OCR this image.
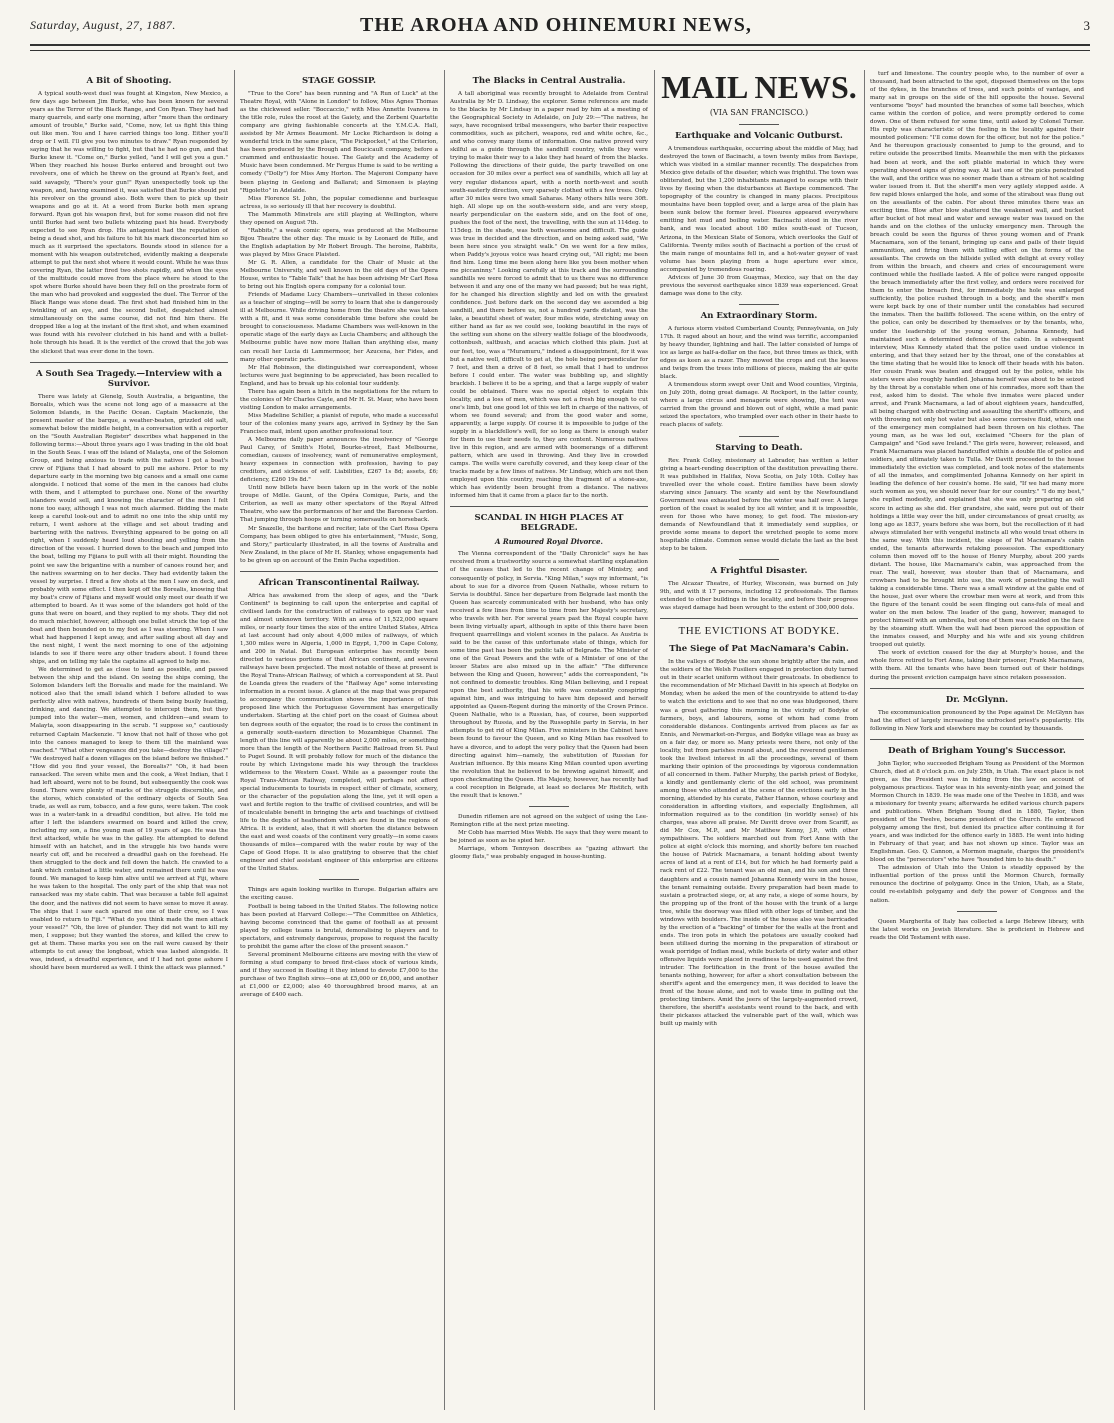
Saturday, August, 27, 1887.	THE AROHA AND OHINEMURI NEWS,	3
A Bit of Shooting.

A typical south-west duel was fought at Kingston, New Mexico, a few days ago between Jim Burke, who has been known for several years as the Terror of the Black Range, and Con Ryan. They had had many quarrels, and early one morning, after "more than the ordinary amount of trouble," Burke said, "Come, now, let us fight this thing out like men. You and I have carried things too long. Either you'll drop or I will. I'll give you two minutes to draw." Ryan responded by saying that he was willing to fight, but that he had no gun, and that Burke knew it. "Come on," Burke yelled, "and I will get you a gun." When they reached his house Burke entered and brought out two revolvers, one of which he threw on the ground at Ryan's feet, and said savagely, "There's your gun!" Ryan unexpectedly took up the weapon, and, having examined it, was satisfied that Burke should put his revolver on the ground also. Both were then to pick up their weapons and go at it. At a word from Burke both men sprang forward. Ryan got his weapon first, but for some reason did not fire until Burke had sent two bullets whizzing past his head. Everybody expected to see Ryan drop. His antagonist had the reputation of being a dead shot, and his failure to hit his mark disconcerted him so much as it surprised the spectators. Bounds stood in silence for a moment with his weapon outstretched, evidently making a desperate attempt to put the next shot where it would count. While he was thus covering Ryan, the latter fired two shots rapidly, and when the eyes of the multitude could move from the place where he stood to the spot where Burke should have been they fell on the prostrate form of the man who had provoked and suggested the duel. The Terror of the Black Range was stone dead. The first shot had finished him in the twinkling of an eye, and the second bullet, despatched almost simultaneously on the same course, did not find him there. He dropped like a log at the instant of the first shot, and when examined was found with his revolver clutched in his hand and with a bullet-hole through his head. It is the verdict of the crowd that the job was the slickest that was ever done in the town.

A South Sea Tragedy.—Interview with a Survivor.

There was lately at Glenelg, South Australia, a brigantine, the Borealis, which was the scene not long ago of a massacre at the Solomon Islands, in the Pacific Ocean. Captain Mackenzie, the present master of the barque, a weather-beaten, grizzled old salt, somewhat below the middle height, in a conversation with a reporter on the "South Australian Register" describes what happened in the following terms:—About three years ago I was trading in the old boat in the South Seas. I was off the island of Malayta, one of the Solomon Group, and being anxious to trade with the natives I got a boat's crew of Fijians that I had aboard to pull me ashore. Prior to my departure early in the morning two big canoes and a small one came alongside. I noticed that some of the men in the canoes had clubs with them, and I attempted to purchase one. None of the swarthy islanders would sell, and knowing the character of the men I felt none too easy, although I was not much alarmed. Bidding the mate keep a careful look-out and to admit no one into the ship until my return, I went ashore at the village and set about trading and bartering with the natives. Everything appeared to be going on all right, when I suddenly heard loud shouting and yelling from the direction of the vessel. I hurried down to the beach and jumped into the boat, telling my Fijians to pull with all their might. Rounding the point we saw the brigantine with a number of canoes round her, and the natives swarming on to her decks. They had evidently taken the vessel by surprise. I fired a few shots at the men I saw on deck, and probably with some effect. I then kept off the Borealis, knowing that my boat's crew of Fijians and myself would only meet our death if we attempted to board. As it was some of the islanders got hold of the guns that were on board, and they replied to my shots. They did not do much mischief, however, although one bullet struck the top of the boat and then bounded on to my foot as I was steering. When I saw what had happened I kept away, and after sailing about all day and the next night, I went the next morning to one of the adjoining islands to see if there were any other traders about. I found three ships, and on telling my tale the captains all agreed to help me.

We determined to get as close to land as possible, and passed between the ship and the island. On seeing the ships coming, the Solomon Islanders left the Borealis and made for the mainland. We noticed also that the small island which I before alluded to was perfectly alive with natives, hundreds of them being busily feasting, drinking, and dancing. We attempted to intercept them, but they jumped into the water—men, women, and children—and swam to Malayta, soon disappearing in the scrub. "I suppose so," cautiously returned Captain Mackenzie. "I know that not half of those who got into the canoes managed to keep to them till the mainland was reached." "What other vengeance did you take—destroy the village?" "We destroyed half a dozen villages on the island before we finished." "How did you find your vessel, the Borealis?" "Oh, it had been ransacked. The seven white men and the cook, a West Indian, that I had left aboard, were not to be found, but subsequently the cook was found. There were plenty of marks of the struggle discernible, and the stores, which consisted of the ordinary objects of South Sea trade, as well as rum, tobacco, and a few guns, were taken. The cook was in a water-tank in a dreadful condition, but alive. He told me after I left the islanders swarmed on board and killed the crew, including my son, a fine young man of 19 years of age. He was the first attacked, while he was in the galley. He attempted to defend himself with an hatchet, and in the struggle his two hands were nearly cut off, and he received a dreadful gash on the forehead. He then struggled to the deck and fell down the hatch. He crawled to a tank which contained a little water, and remained there until he was found. We managed to keep him alive until we arrived at Fiji, where he was taken to the hospital. The only part of the ship that was not ransacked was my state cabin. That was because a table fell against the door, and the natives did not seem to have sense to move it away. The ships that I saw each spared me one of their crew, so I was enabled to return to Fiji." "What do you think made the men attack your vessel?" "Oh, the love of plunder. They did not want to kill my men, I suppose; but they wanted the stores, and killed the crew to get at them. These marks you see on the rail were caused by their attempts to cut away the longboat, which was lashed alongside. It was, indeed, a dreadful experience, and if I had not gone ashore I should have been murdered as well. I think the attack was planned."

STAGE GOSSIP.

"True to the Core" has been running and "A Run of Luck" at the Theatre Royal, with "Alone in London" to follow, Miss Agnes Thomas as the chickweed seller. "Boccaccio," with Miss Annette Ivanova in the title role, rules the roost at the Gaiety, and the Zerbeni Quartette company are giving fashionable concerts at the Y.M.C.A. Hall, assisted by Mr Armes Beaumont. Mr Locke Richardson is doing a wonderful trick in the same place, "The Pickpocket," at the Criterion, has been produced by the Brough and Boucicault company, before a crammed and enthusiastic house. The Gaiety and the Academy of Music have been condemned. Mr Fergus Hume is said to be writing a comedy ("Dolly") for Miss Amy Horton. The Majeroni Company have been playing in Geelong and Ballarat; and Simonsen is playing "Rigoletto" in Adelaide.

Miss Florence St. John, the popular comedienne and burlesque actress, is so seriously ill that her recovery is doubtful.

The Mammoth Minstrels are still playing at Wellington, where they opened on August 7th.

"Rabbits," a weak comic opera, was produced at the Melbourne Bijou Theatre the other day. The music is by Leonard de Rille, and the English adaptation by Mr Robert Brough. The heroine, Rabbits, was played by Miss Grace Plaisted.

Mr G. R. Allen, a candidate for the Chair of Music at the Melbourne University, and well known in the old days of the Opera House, writes to "Table Talk" that he has been advising Mr Carl Rosa to bring out his English opera company for a colonial tour.

Friends of Madame Lucy Chambers—unrivalled in these colonies as a teacher of singing—will be sorry to learn that she is dangerously ill at Melbourne. While driving home from the theatre she was taken with a fit, and it was some considerable time before she could be brought to consciousness. Madame Chambers was well-known in the operatic stage of the early days as Lucia Chambers; and although the Melbourne public have now more Italian than anything else, many can recall her Lucia di Lammermoor, her Azucena, her Fides, and many other operatic parts.

Mr Hal Robinson, the distinguished war correspondent, whose lectures were just beginning to be appreciated, has been recalled to England, and has to break up his colonial tour suddenly.

There has again been a hitch in the negotiations for the return to the colonies of Mr Charles Cayle, and Mr H. St. Maur, who have been visiting London to make arrangements.

Miss Madeline Schiller, a pianist of repute, who made a successful tour of the colonies many years ago, arrived in Sydney by the San Francisco mail, intent upon another professional tour.

A Melbourne daily paper announces the insolvency of "George Paul Carey, of Smith's Hotel, Bourke-street, East Melbourne, comedian, causes of insolvency, want of remunerative employment, heavy expenses in connection with profession, having to pay creditors, and sickness of self. Liabilities, £267 1s 8d; assets, £6; deficiency, £260 19s 8d."

Until now billets have been taken up in the work of the noble troupe of Mdlle. Gaunt, of the Opéra Comique, Paris, and the Criterion, as well as many other spectators of the Royal Alfred Theatre, who saw the performances of her and the Baroness Cardon. That jumping through hoops or turning somersaults on horseback.

Mr Snazelle, the baritone and reciter, late of the Carl Rosa Opera Company, has been obliged to give his entertainment, "Music, Song, and Story," particularly illustrated, in all the towns of Australia and New Zealand, in the place of Mr H. Stanley, whose engagements had to be given up on account of the Emin Pacha expedition.

African Transcontinental Railway.

Africa has awakened from the sleep of ages, and the "Dark Continent" is beginning to call upon the enterprise and capital of civilised lands for the construction of railways to open up her vast and almost unknown territory. With an area of 11,522,000 square miles, or nearly four times the size of the entire United States, Africa at last account had only about 4,000 miles of railways, of which 1,300 miles were in Algeria, 1,000 in Egypt, 1,700 in Cape Colony, and 200 in Natal. But European enterprise has recently been directed to various portions of that African continent, and several railways have been projected. The most notable of these at present is the Royal Trans-African Railway, of which a correspondent at St. Paul de Loanda gives the readers of the "Railway Age" some interesting information in a recent issue. A glance at the map that was prepared to accompany the communication shows the importance of this proposed line which the Portuguese Government has energetically undertaken. Starting at the chief port on the coast of Guinea about ten degrees south of the equator, the road is to cross the continent in a generally south-eastern direction to Mozambique Channel. The length of this line will apparently be about 2,000 miles, or something more than the length of the Northern Pacific Railroad from St. Paul to Puget Sound. It will probably follow for much of the distance the route by which Livingstone made his way through the trackless wilderness to the Western Coast. While as a passenger route the Royal Trans-African Railway, completed, will perhaps not afford special inducements to tourists in respect either of climate, scenery, or the character of the population along the line, yet it will open a vast and fertile region to the traffic of civilised countries, and will be of incalculable benefit in bringing the arts and teachings of civilised life to the depths of heathendom which are found in the regions of Africa. It is evident, also, that it will shorten the distance between the east and west coasts of the continent very greatly—in some cases thousands of miles—compared with the water route by way of the Cape of Good Hope. It is also gratifying to observe that the chief engineer and chief assistant engineer of this enterprise are citizens of the United States.

Things are again looking warlike in Europe. Bulgarian affairs are the exciting cause.

Football is being taboed in the United States. The following notice has been posted at Harvard College:—"The Committee on Athletics, having become convinced that the game of football as at present played by college teams is brutal, demoralising to players and to spectators, and extremely dangerous, propose to request the faculty to prohibit the game after the close of the present season."

Several prominent Melbourne citizens are moving with the view of forming a stud company to breed first-class stock of various kinds, and if they succeed in floating it they intend to devote £7,000 to the purchase of two English sires—one at £5,000 or £6,000, and another at £1,000 or £2,000; also 40 thoroughbred brood mares, at an average of £400 each.

The Blacks in Central Australia.

A tall aboriginal was recently brought to Adelaide from Central Australia by Mr D. Lindsay, the explorer. Some references are made to the blacks by Mr Lindsay in a paper read by him at a meeting of the Geographical Society in Adelaide, on July 29:—"The natives, he says, have recognised tribal messengers, who barter their respective commodities, such as pitcheri, weapons, red and white ochre, &c., and who convey many items of information. One native proved very skilful as a guide through the sandhill country, while they were trying to make their way to a lake they had heard of from the blacks. Following the directions of their guide, the party travelled on one occasion for 30 miles over a perfect sea of sandhills, which all lay at very regular distances apart, with a north north-west and south south-easterly direction, very sparsely clothed with a few trees. Only after 30 miles were two small Saharas. Many others hills were 30ft. high. All slope up on the south-western side, and are very steep, nearly perpendicular on the eastern side, and on the foot of one, pushes the foot of the next, the travelling, with the sun at 114deg. to 115deg. in the shade, was both wearisome and difficult. The guide was true in decided and the direction, and on being asked said, "We been here since you straight walk." On we went for a few miles, when Paddy's joyous voice was heard crying out, "All right; me been find him. Long time me been along here like you been mother when me piccaninny." Looking carefully at this track and the surrounding sandhills we were forced to admit that to us there was no difference between it and any one of the many we had passed; but he was right, for he changed his direction slightly and led on with the greatest confidence. Just before dark on the second day we ascended a big sandhill, and there before us, not a hundred yards distant, was the lake, a beautiful sheet of water, four miles wide, stretching away on either hand as far as we could see, looking beautiful in the rays of the setting sun shone on the silvery wattle foliage of the bloodwoods, cottonbush, saltbush, and acacias which clothed this plain. Just at our feet, too, was a "Muramuru," indeed a disappointment, for it was but a native well, difficult to get at, the hole being perpendicular for 7 feet, and then a drive of 8 feet, so small that I had to undress before I could enter. The water was bubbling up, and slightly brackish. I believe it to be a spring, and that a large supply of water could be obtained. There was no special object to explain this locality, and a loss of men, which was not a fresh big enough to cut one's limb, but one good lot of this we left in charge of the natives, of whom we found several; and from the good water and some, apparently, a large supply. Of course it is impossible to judge of the supply in a blackfellow's well, for so long as there is enough water for them to use their needs to, they are content. Numerous natives live in this region, and are armed with boomerangs of a different pattern, which are used in throwing. And they live in crowded camps. The wells were carefully covered, and they keep clear of the tracks made by a few lines of natives. Mr Lindsay, which are not then employed upon this country, reaching the fragment of a stone-axe, which has evidently been brought from a distance. The natives informed him that it came from a place far to the north.

SCANDAL IN HIGH PLACES AT BELGRADE.
A Rumoured Royal Divorce.

The Vienna correspondent of the "Daily Chronicle" says he has received from a trustworthy source a somewhat startling explanation of the causes that led to the recent change of Ministry, and consequently of policy, in Servia. "King Milan," says my informant, "is about to sue for a divorce from Queen Nathalie, whose return to Servia is doubtful. Since her departure from Belgrade last month the Queen has scarcely communicated with her husband, who has only received a few lines from time to time from her Majesty's secretary, who travels with her. For several years past the Royal couple have been living virtually apart, although in spite of this there have been frequent quarrellings and violent scenes in the palace. As Austria is said to be the cause of this unfortunate state of things, which for some time past has been the public talk of Belgrade. The Minister of one of the Great Powers and the wife of a Minister of one of the lesser States are also mixed up in the affair." "The difference between the King and Queen, however," adds the correspondent, "is not confined to domestic troubles. King Milan believing, and I repeat upon the best authority, that his wife was constantly conspiring against him, and was intriguing to have him deposed and herself appointed as Queen-Regent during the minority of the Crown Prince. Queen Nathalie, who is a Russian, has, of course, been supported throughout by Russia, and by the Russophile party in Servia, in her attempts to get rid of King Milan. Five ministers in the Cabinet have been found to favour the Queen, and so King Milan has resolved to have a divorce, and to adopt the very policy that the Queen had been directing against him—namely, the substitution of Russian for Austrian influence. By this means King Milan counted upon averting the revolution that he believed to be brewing against himself, and upon checkmating the Queen. His Majesty, however, has recently had a cool reception in Belgrade, at least so declares Mr Ristitch, with the result that is known."

Dunedin riflemen are not agreed on the subject of using the Lee-Remington rifle at the next prize meeting.

Mr Cobb has married Miss Webb. He says that they were meant to be joined as soon as he spied her.

Marriage, whom Tennyson describes as "gazing athwart the gloomy flats," was probably engaged in house-hunting.

MAIL NEWS.
(VIA SAN FRANCISCO.)
Earthquake and Volcanic Outburst.

A tremendous earthquake, occurring about the middle of May, had destroyed the town of Bacinachi, a town twenty miles from Bavispe, which was visited in a similar manner recently. The despatches from Mexico give details of the disaster, which was frightful. The town was obliterated, but the 1,200 inhabitants managed to escape with their lives by fleeing when the disturbances at Bavispe commenced. The topography of the country is changed in many places. Precipitous mountains have been toppled over, and a large area of the plain has been sunk below the former level. Fissures appeared everywhere emitting hot mud and boiling water. Bacinachi stood in the river bank, and was located about 180 miles south-east of Tucson, Arizona, in the Mexican State of Sonora, which overlooks the Gulf of California. Twenty miles south of Bacinachi a portion of the crust of the main range of mountains fell in, and a hot-water geyser of vast volume has been playing from a huge aperture ever since, accompanied by tremendous roaring.

Advices of June 30 from Guaymas, Mexico, say that on the day previous the severest earthquake since 1839 was experienced. Great damage was done to the city.

An Extraordinary Storm.

A furious storm visited Cumberland County, Pennsylvania, on July 17th. It raged about an hour, and the wind was terrific, accompanied by heavy thunder, lightning and hail. The latter consisted of lumps of ice as large as half-a-dollar on the face, but three times as thick, with edges as keen as a razor. They mowed the crops and cut the leaves and twigs from the trees into millions of pieces, making the air quite black.

A tremendous storm swept over Unit and Wood counties, Virginia, on July 20th, doing great damage. At Rockport, in the latter county, where a large circus and menagerie were showing, the tent was carried from the ground and blown out of sight, while a mad panic seized the spectators, who trampled over each other in their haste to reach places of safety.

Starving to Death.

Rev. Frank Colley, missionary at Labrador, has written a letter giving a heart-rending description of the destitution prevailing there. It was published in Halifax, Nova Scotia, on July 10th. Colley has travelled over the whole coast. Entire families have been slowly starving since January. The scanty aid sent by the Newfoundland Government was exhausted before the winter was half over. A large portion of the coast is sealed by ice all winter, and it is impossible, even for those who have money, to get food. The mission-ary demands of Newfoundland that it immediately send supplies, or provide some means to deport the wretched people to some more hospitable climate. Common sense would dictate the last as the best step to be taken.

A Frightful Disaster.

The Alcazar Theatre, of Hurley, Wisconsin, was burned on July 9th, and with it 17 persons, including 12 professionals. The flames extended to other buildings in the locality, and before their progress was stayed damage had been wrought to the extent of 300,000 dols.

THE EVICTIONS AT BODYKE.
The Siege of Pat MacNamara's Cabin.

In the valleys of Bodyke the sun shone brightly after the rain, and the soldiers of the Welsh Fusiliers engaged in protection duty turned out in their scarlet uniform without their greatcoats. In obedience to the recommendation of Mr Michael Davitt in his speech at Bodyke on Monday, when he asked the men of the countryside to attend to-day to watch the evictions and to see that no one was bludgeoned, there was a great gathering this morning in the vicinity of Bodyke of farmers, boys, and labourers, some of whom had come from considerable distances. Contingents arrived from places as far as Ennis, and Newmarket-on-Fergus, and Bodyke village was as busy as on a fair day, or more so. Many priests were there, not only of the locality, but from parishes round about, and the reverend gentlemen took the liveliest interest in all the proceedings, several of them marking their opinion of the proceedings by vigorous condemnation of all concerned in them. Father Murphy, the parish priest of Bodyke, a kindly and gentlemanly cleric of the old school, was prominent among those who attended at the scene of the evictions early in the morning, attended by his curate, Father Hannon, whose courtesy and consideration in affording visitors, and especially Englishmen, all information required as to the condition (in worldly sense) of his charges, was above all praise. Mr Davitt drove over from Scariff, as did Mr Cox, M.P., and Mr Matthew Kenny, J.P., with other sympathisers. The soldiers marched out from Fort Anne with the police at eight o'clock this morning, and shortly before ten reached the house of Patrick Macnamara, a tenant holding about twenty acres of land at a rent of £14, but for which he had formerly paid a rack rent of £22. The tenant was an old man, and his son and three daughters and a cousin named Johanna Kennedy were in the house, the tenant remaining outside. Every preparation had been made to sustain a protracted siege, or, at any rate, a siege of some hours, by the propping up of the front of the house with the trunk of a large tree, while the doorway was filled with other logs of timber, and the windows with boulders. The inside of the house also was barricaded by the erection of a "backing" of timber for the walls at the front and ends. The iron pots in which the potatoes are usually cooked had been utilised during the morning in the preparation of stirabout or weak porridge of Indian meal, while buckets of dirty water and other offensive liquids were placed in readiness to be used against the first intruder. The fortification in the front of the house availed the tenants nothing, however, for after a short consultation between the sheriff's agent and the emergency men, it was decided to leave the front of the house alone, and not to waste time in pulling out the protecting timbers. Amid the jeers of the largely-augmented crowd, therefore, the sheriff's assistants went round to the back, and with their pickaxes attacked the vulnerable part of the wall, which was built up mainly with

turf and limestone. The country people who, to the number of over a thousand, had been attracted to the spot, disposed themselves on the tops of the dykes, in the branches of trees, and such points of vantage, and many sat in groups on the side of the hill opposite the house. Several ventursome "boys" had mounted the branches of some tall beeches, which came within the cordon of police, and were promptly ordered to come down. One of them refused for some time, until asked by Colonel Turner. His reply was characteristic of the feeling in the locality against their mounted policemen: "I'll come down for the officer, but not for the police." And he thereupon graciously consented to jump to the ground, and to retire outside the proscribed limits. Meanwhile the men with the pickaxes had been at work, and the soft pliable material in which they were operating showed signs of giving way. At last one of the picks penetrated the wall, and the orifice was no sooner made than a stream of hot scalding water issued from it. But the sheriff's men very agilely stepped aside. A few rapid blows enlarged the hole, and some of the stirabout was flung out on the assailants of the cabin. For about three minutes there was an exciting time. Blow after blow shattered the weakened wall, and bucket after bucket of hot meal and water and sewage water was issued on the hands and on the clothes of the unlucky emergency men. Through the breach could be seen the figures of three young women and of Frank Macnamara, son of the tenant, bringing up cans and pails of their liquid ammunition, and firing them with telling effect on the forms of the assailants. The crowds on the hillside yelled with delight at every volley from within the breach, and cheers and cries of encouragement were continued while the fusillade lasted. A file of police were ranged opposite the breach immediately after the first volley, and orders were received for them to enter the breach first, for immediately the hole was enlarged sufficiently, the police rushed through in a body, and the sheriff's men were kept back by one of their number until the constables had secured the inmates. Then the bailiffs followed. The scene within, on the entry of the police, can only be described by themselves or by the tenants, who, under the leadership of the young woman, Johanna Kennedy, had maintained such a determined defence of the cabin. In a subsequent interview, Miss Kennedy stated that the police used undue violence in entering, and that they seized her by the throat, one of the constables at the time stating that he would like to knock off their heads with his baton. Her cousin Frank was beaten and dragged out by the police, while his sisters were also roughly handled. Johanna herself was about to be seized by the throat by a constable when one of his comrades, more soft than the rest, asked him to desist. The whole five inmates were placed under arrest, and Frank Macnamara, a lad of about eighteen years, handcuffed, all being charged with obstructing and assaulting the sheriff's officers, and with throwing not only hot water but also some corrosive fluid, which one of the emergency men complained had been thrown on his clothes. The young man, as he was led out, exclaimed "Cheers for the plan of Campaign" and "God save Ireland." The girls were, however, released, and Frank Macnamara was placed handcuffed within a double file of police and soldiers, and ultimately taken to Tulla. Mr Davitt proceeded to the house immediately the eviction was completed, and took notes of the statements of all the inmates, and complimented Johanna Kennedy on her spirit in leading the defence of her cousin's home. He said, "If we had many more such women as you, we should never fear for our country." "I do my best," she replied modestly, and explained that she was only preparing an old score in acting as she did. Her grandsire, she said, were put out of their holdings a little way over the hill, under circumstances of great cruelty, as long ago as 1837, years before she was born, but the recollection of it had always stimulated her with vengeful instincts all who would treat others in the same way. With this incident, the siege of Pat Macnamara's cabin ended, the tenants afterwards retaking possession. The expeditionary column then moved off to the house of Henry Murphy, about 200 yards distant. The house, like Macnamara's cabin, was approached from the rear. The wall, however, was stouter than that of Macnamara, and crowbars had to be brought into use, the work of penetrating the wall taking a considerable time. There was a small window at the gable end of the house, just over where the crowbar men were at work, and from this the figure of the tenant could be seen flinging out cans-fuls of meal and water on the men below. The leader of the gang, however, managed to protect himself with an umbrella, but one of them was scalded on the face by the steaming stuff. When the wall had been pierced the opposition of the inmates ceased, and Murphy and his wife and six young children trooped out quietly.

The work of eviction ceased for the day at Murphy's house, and the whole force retired to Fort Anne, taking their prisoner, Frank Macnamara, with them. All the tenants who have been turned out of their holdings during the present eviction campaign have since retaken possession.

Dr. McGlynn.

The excommunication pronounced by the Pope against Dr. McGlynn has had the effect of largely increasing the unfrocked priest's popularity. His following in New York and elsewhere may be counted by thousands.

Death of Brigham Young's Successor.

John Taylor, who succeeded Brigham Young as President of the Mormon Church, died at 8 o'clock p.m. on July 25th, in Utah. The exact place is not given, as the President was in hiding from the law on account of polygamous practices. Taylor was in his seventy-ninth year, and joined the Mormon Church in 1839. He was made one of the Twelve in 1838, and was a missionary for twenty years; afterwards he edited various church papers and publications. When Brigham Young died in 1880, Taylor, then president of the Twelve, became president of the Church. He embraced polygamy among the first, but denied its practice after continuing it for years, and was indicted for the offence early in 1885. He went into hiding in February of that year, and has not shown up since. Taylor was an Englishman. Geo. Q. Cannon, a Mormon magnate, charges the president's blood on the "persecutors" who have "hounded him to his death."

The admission of Utah into the Union is steadily opposed by the influential portion of the press until the Mormon Church, formally renounce the doctrine of polygamy. Once in the Union, Utah, as a State, could re-establish polygamy and defy the power of Congress and the nation.

Queen Margherita of Italy has collected a large Hebrew library, with the latest works on Jewish literature. She is proficient in Hebrew and reads the Old Testament with ease.
